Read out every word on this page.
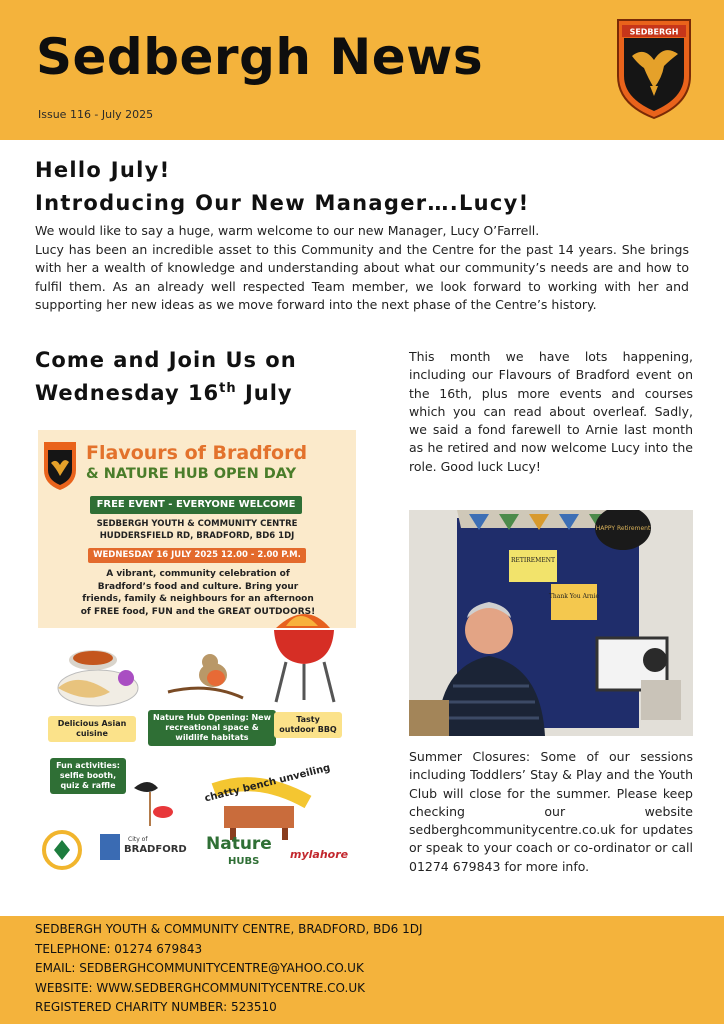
Sedbergh News
Issue 116 - July 2025
SEDBERGH
Hello July!
Introducing Our New Manager….Lucy!

We would like to say a huge, warm welcome to our new Manager, Lucy O’Farrell.

Lucy has been an incredible asset to this Community and the Centre for the past 14 years. She brings with her a wealth of knowledge and understanding about what our community’s needs are and how to fulfil them. As an already well respected Team member, we look forward to working with her and supporting her new ideas as we move forward into the next phase of the Centre’s history.

Come and Join Us on
Wednesday 16th July
Flavours of Bradford
& NATURE HUB OPEN DAY
FREE EVENT - EVERYONE WELCOME
SEDBERGH YOUTH & COMMUNITY CENTRE
HUDDERSFIELD RD, BRADFORD, BD6 1DJ
WEDNESDAY 16 JULY 2025 12.00 - 2.00 P.M.
A vibrant, community celebration of Bradford’s food and culture. Bring your friends, family & neighbours for an afternoon of FREE food, FUN and the GREAT OUTDOORS!
Delicious Asian cuisine
Nature Hub Opening: New recreational space & wildlife habitats
Tasty outdoor BBQ
Fun activities: selfie booth, quiz & raffle	chatty bench unveiling
City of
BRADFORD Nature
HUBS
mylahore

This month we have lots happening, including our Flavours of Bradford event on the 16th, plus more events and courses which you can read about overleaf. Sadly, we said a fond farewell to Arnie last month as he retired and now welcome Lucy into the role. Good luck Lucy!

RETIREMENT
Thank You Arnie
HAPPY Retirement

Summer Closures: Some of our sessions including Toddlers’ Stay & Play and the Youth Club will close for the summer. Please keep checking our website sedberghcommunitycentre.co.uk for updates or speak to your coach or co-ordinator or call 01274 679843 for more info.

SEDBERGH YOUTH & COMMUNITY CENTRE, BRADFORD, BD6 1DJ
TELEPHONE: 01274 679843
EMAIL: SEDBERGHCOMMUNITYCENTRE@YAHOO.CO.UK
WEBSITE: WWW.SEDBERGHCOMMUNITYCENTRE.CO.UK
REGISTERED CHARITY NUMBER: 523510
